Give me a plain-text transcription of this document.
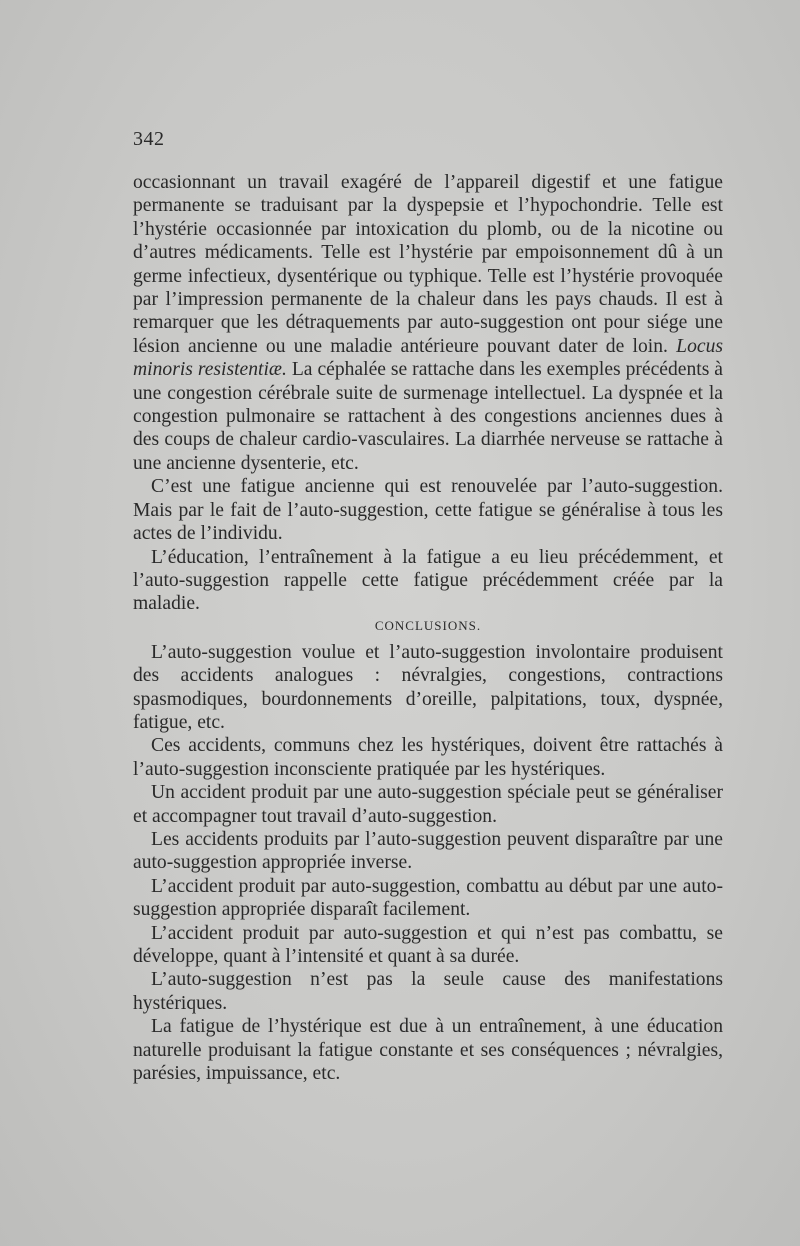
342

occasionnant un travail exagéré de l’appareil digestif et une fatigue permanente se traduisant par la dyspepsie et l’hypochondrie. Telle est l’hystérie occasionnée par intoxication du plomb, ou de la nicotine ou d’autres médicaments. Telle est l’hystérie par empoisonnement dû à un germe infectieux, dysentérique ou typhique. Telle est l’hystérie provoquée par l’impression permanente de la chaleur dans les pays chauds. Il est à remarquer que les détraquements par auto-suggestion ont pour siége une lésion ancienne ou une maladie antérieure pouvant dater de loin. Locus minoris resistentiæ. La céphalée se rattache dans les exemples précédents à une congestion cérébrale suite de surmenage intellectuel. La dyspnée et la congestion pulmonaire se rattachent à des congestions anciennes dues à des coups de chaleur cardio-vasculaires. La diarrhée nerveuse se rattache à une ancienne dysenterie, etc.

C’est une fatigue ancienne qui est renouvelée par l’auto-suggestion. Mais par le fait de l’auto-suggestion, cette fatigue se généralise à tous les actes de l’individu.

L’éducation, l’entraînement à la fatigue a eu lieu précédemment, et l’auto-suggestion rappelle cette fatigue précédemment créée par la maladie.

CONCLUSIONS.

L’auto-suggestion voulue et l’auto-suggestion involontaire produisent des accidents analogues : névralgies, congestions, contractions spasmodiques, bourdonnements d’oreille, palpitations, toux, dyspnée, fatigue, etc.

Ces accidents, communs chez les hystériques, doivent être rattachés à l’auto-suggestion inconsciente pratiquée par les hystériques.

Un accident produit par une auto-suggestion spéciale peut se généraliser et accompagner tout travail d’auto-suggestion.

Les accidents produits par l’auto-suggestion peuvent disparaître par une auto-suggestion appropriée inverse.

L’accident produit par auto-suggestion, combattu au début par une auto-suggestion appropriée disparaît facilement.

L’accident produit par auto-suggestion et qui n’est pas combattu, se développe, quant à l’intensité et quant à sa durée.

L’auto-suggestion n’est pas la seule cause des manifestations hystériques.

La fatigue de l’hystérique est due à un entraînement, à une éducation naturelle produisant la fatigue constante et ses conséquences ; névralgies, parésies, impuissance, etc.
